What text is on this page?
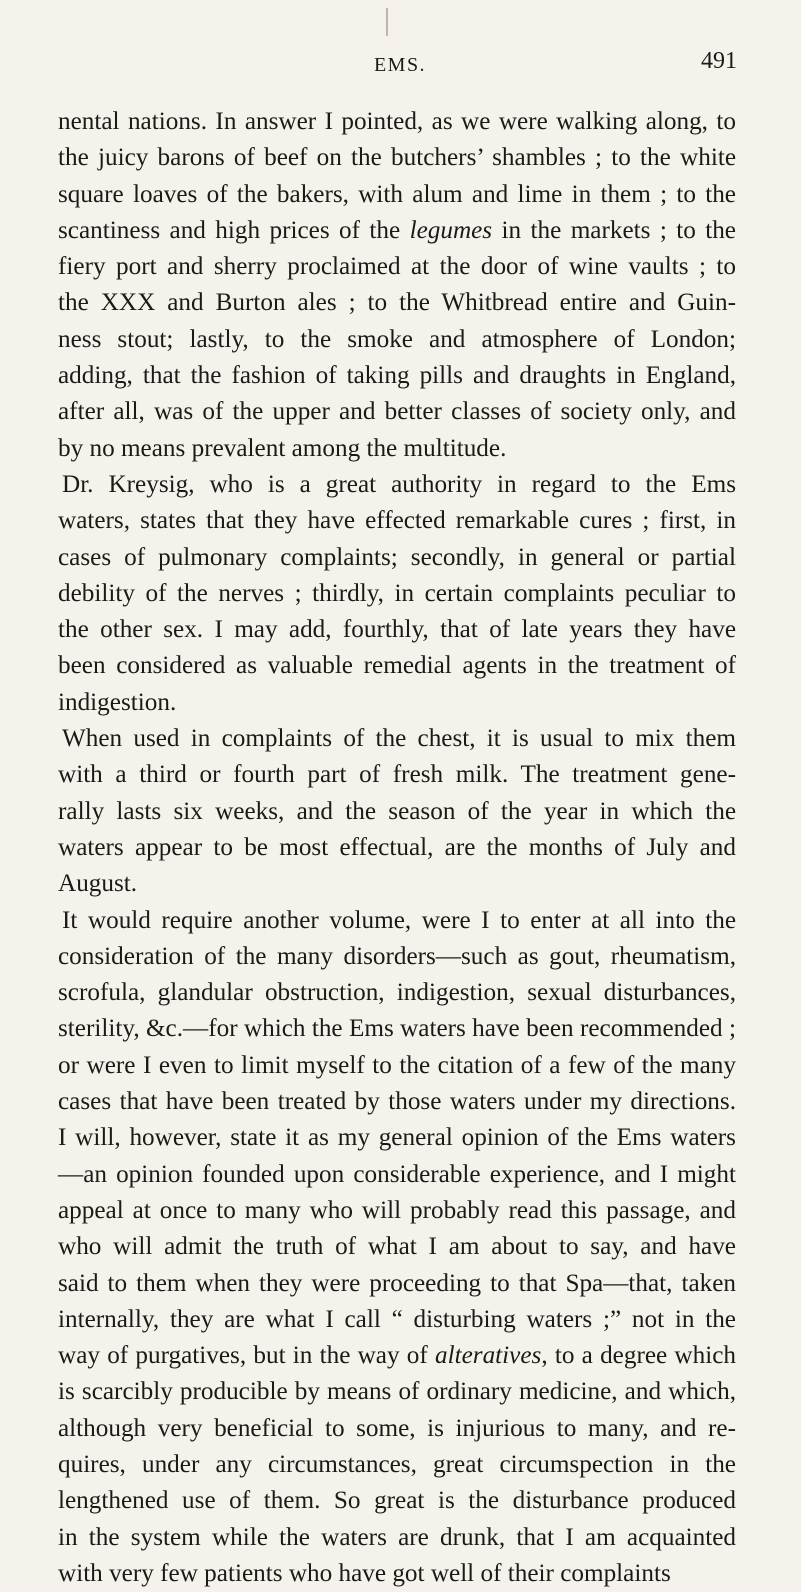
EMS.	491
nental nations. In answer I pointed, as we were walking along, to
the juicy barons of beef on the butchers’ shambles ; to the white
square loaves of the bakers, with alum and lime in them ; to the
scantiness and high prices of the legumes in the markets ; to the
fiery port and sherry proclaimed at the door of wine vaults ; to
the XXX and Burton ales ; to the Whitbread entire and Guin-
ness stout; lastly, to the smoke and atmosphere of London;
adding, that the fashion of taking pills and draughts in England,
after all, was of the upper and better classes of society only, and
by no means prevalent among the multitude.
Dr. Kreysig, who is a great authority in regard to the Ems
waters, states that they have effected remarkable cures ; first, in
cases of pulmonary complaints; secondly, in general or partial
debility of the nerves ; thirdly, in certain complaints peculiar to
the other sex. I may add, fourthly, that of late years they have
been considered as valuable remedial agents in the treatment of
indigestion.
When used in complaints of the chest, it is usual to mix them
with a third or fourth part of fresh milk. The treatment gene-
rally lasts six weeks, and the season of the year in which the
waters appear to be most effectual, are the months of July and
August.
It would require another volume, were I to enter at all into the
consideration of the many disorders—such as gout, rheumatism,
scrofula, glandular obstruction, indigestion, sexual disturbances,
sterility, &c.—for which the Ems waters have been recommended ;
or were I even to limit myself to the citation of a few of the many
cases that have been treated by those waters under my directions.
I will, however, state it as my general opinion of the Ems waters
—an opinion founded upon considerable experience, and I might
appeal at once to many who will probably read this passage, and
who will admit the truth of what I am about to say, and have
said to them when they were proceeding to that Spa—that, taken
internally, they are what I call “ disturbing waters ;” not in the
way of purgatives, but in the way of alteratives, to a degree which
is scarcibly producible by means of ordinary medicine, and which,
although very beneficial to some, is injurious to many, and re-
quires, under any circumstances, great circumspection in the
lengthened use of them. So great is the disturbance produced
in the system while the waters are drunk, that I am acquainted
with very few patients who have got well of their complaints
